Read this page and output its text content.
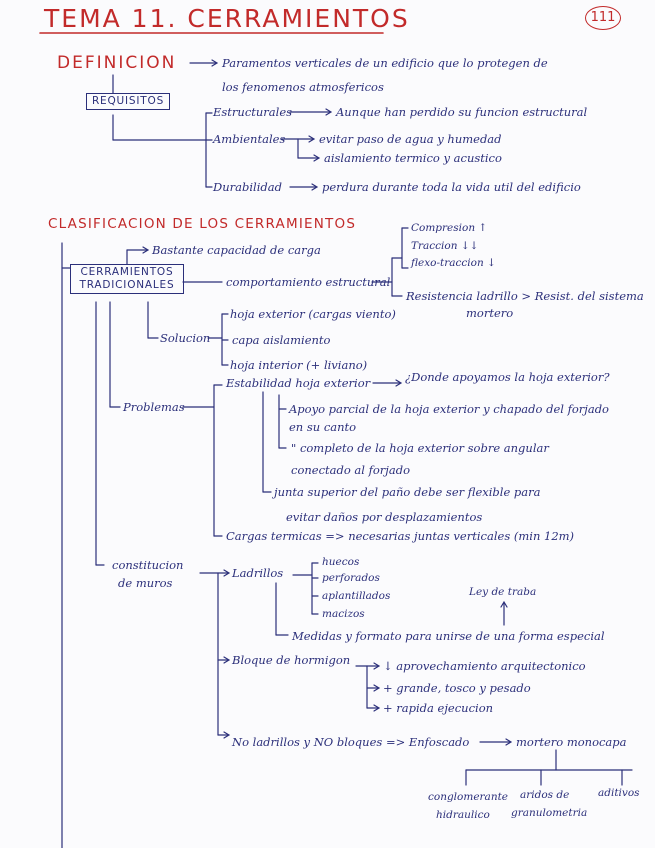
TEMA 11. CERRAMIENTOS	111
DEFINICION	Paramentos verticales de un edificio que lo protegen de
los fenomenos atmosfericos
REQUISITOS
Estructurales	Aunque han perdido su funcion estructural
Ambientales	evitar paso de agua y humedad
aislamiento termico y acustico
Durabilidad	perdura durante toda la vida util del edificio
CLASIFICACION DE LOS CERRAMIENTOS
Bastante capacidad de carga
CERRAMIENTOS
TRADICIONALES	comportamiento estructural
Compresion ↑
Traccion ↓↓
flexo-traccion ↓
Resistencia ladrillo > Resist. del sistema
mortero
Solucion
hoja exterior (cargas viento)
capa aislamiento
hoja interior (+ liviano)
Problemas
Estabilidad hoja exterior	¿Donde apoyamos la hoja exterior?
Apoyo parcial de la hoja exterior y chapado del forjado
en su canto
" completo de la hoja exterior sobre angular
conectado al forjado
junta superior del paño debe ser flexible para
evitar daños por desplazamientos
Cargas termicas => necesarias juntas verticales (min 12m)
constitucion
de muros
Ladrillos
huecos
perforados
aplantillados
macizos
Ley de traba
Medidas y formato para unirse de una forma especial
Bloque de hormigon	↓ aprovechamiento arquitectonico
+ grande, tosco y pesado
+ rapida ejecucion
No ladrillos y NO bloques => Enfoscado	mortero monocapa
conglomerante
hidraulico
aridos de
granulometria
aditivos
